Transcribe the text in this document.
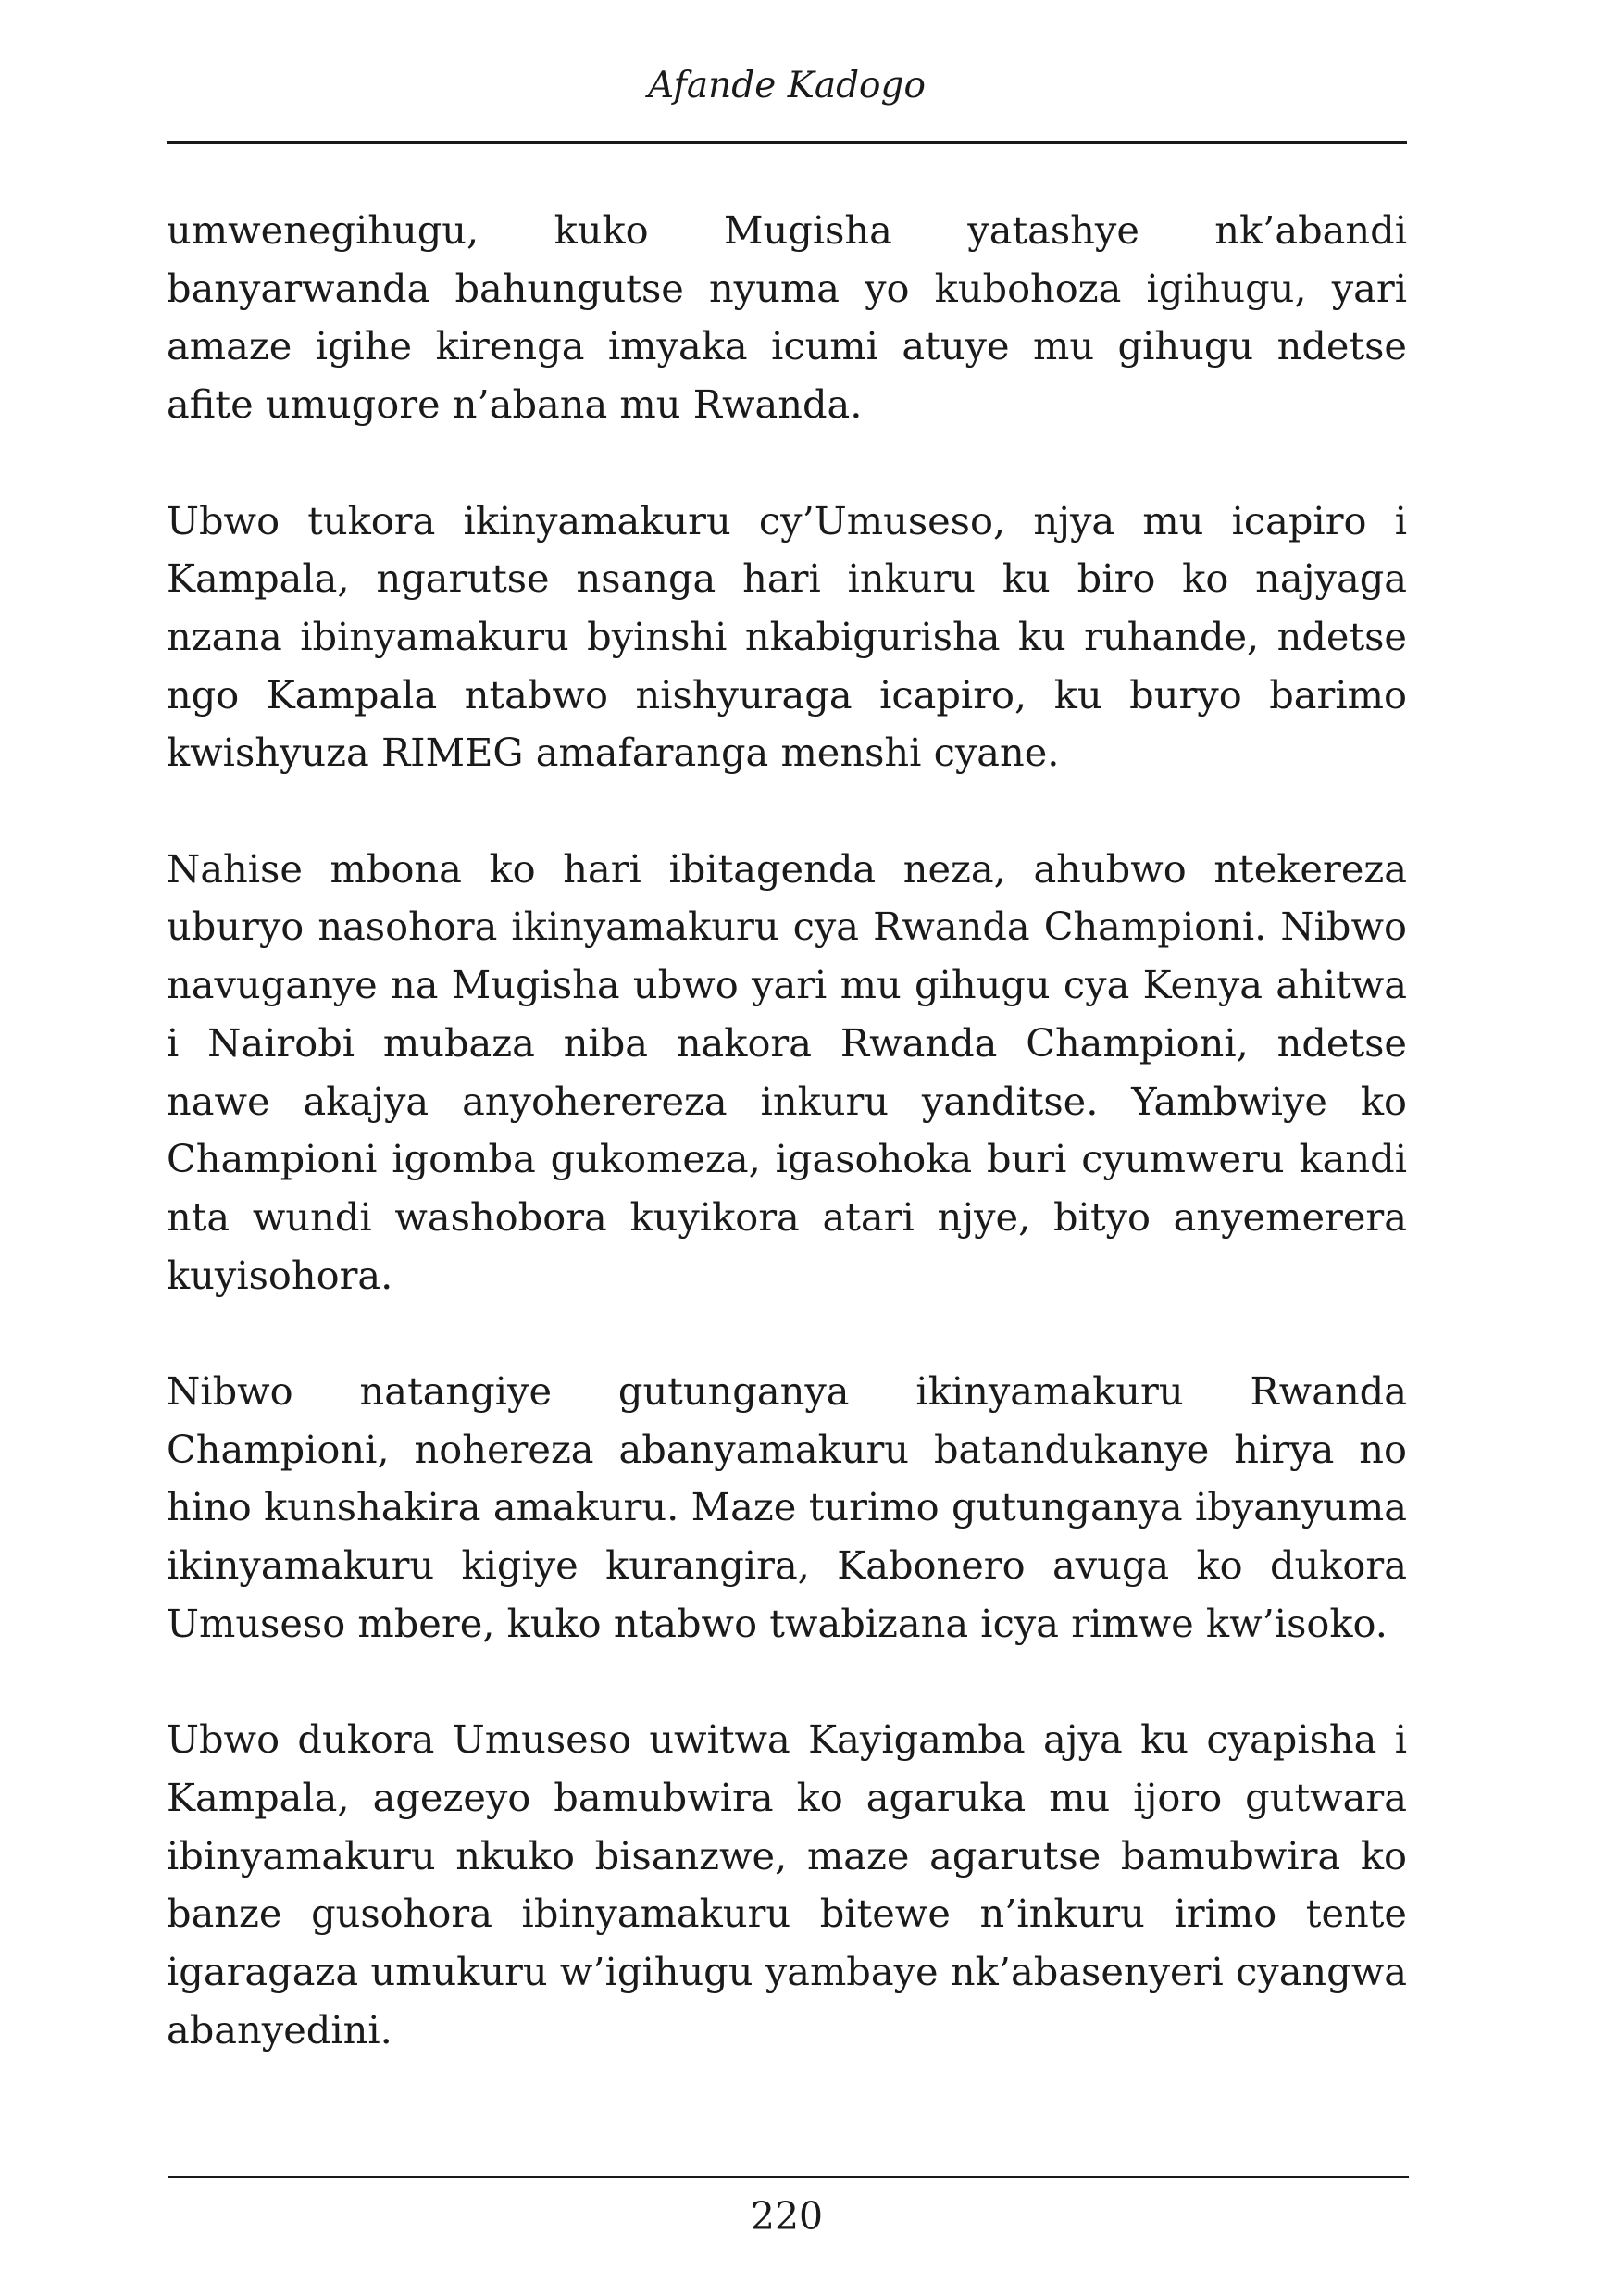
Afande Kadogo

umwenegihugu, kuko Mugisha yatashye nk’abandi banyarwanda bahungutse nyuma yo kubohoza igihugu, yari amaze igihe kirenga imyaka icumi atuye mu gihugu ndetse afite umugore n’abana mu Rwanda.

Ubwo tukora ikinyamakuru cy’Umuseso, njya mu icapiro i Kampala, ngarutse nsanga hari inkuru ku biro ko najyaga nzana ibinyamakuru byinshi nkabigurisha ku ruhande, ndetse ngo Kampala ntabwo nishyuraga icapiro, ku buryo barimo kwishyuza RIMEG amafaranga menshi cyane.

Nahise mbona ko hari ibitagenda neza, ahubwo ntekereza uburyo nasohora ikinyamakuru cya Rwanda Championi. Nibwo navuganye na Mugisha ubwo yari mu gihugu cya Kenya ahitwa i Nairobi mubaza niba nakora Rwanda Championi, ndetse nawe akajya anyoherereza inkuru yanditse. Yambwiye ko Championi igomba gukomeza, igasohoka buri cyumweru kandi nta wundi washobora kuyikora atari njye, bityo anyemerera kuyisohora.

Nibwo natangiye gutunganya ikinyamakuru Rwanda Championi, nohereza abanyamakuru batandukanye hirya no hino kunshakira amakuru. Maze turimo gutunganya ibyanyuma ikinyamakuru kigiye kurangira, Kabonero avuga ko dukora Umuseso mbere, kuko ntabwo twabizana icya rimwe kw’isoko.

Ubwo dukora Umuseso uwitwa Kayigamba ajya ku cyapisha i Kampala, agezeyo bamubwira ko agaruka mu ijoro gutwara ibinyamakuru nkuko bisanzwe, maze agarutse bamubwira ko banze gusohora ibinyamakuru bitewe n’inkuru irimo tente igaragaza umukuru w’igihugu yambaye nk’abasenyeri cyangwa abanyedini.

220
